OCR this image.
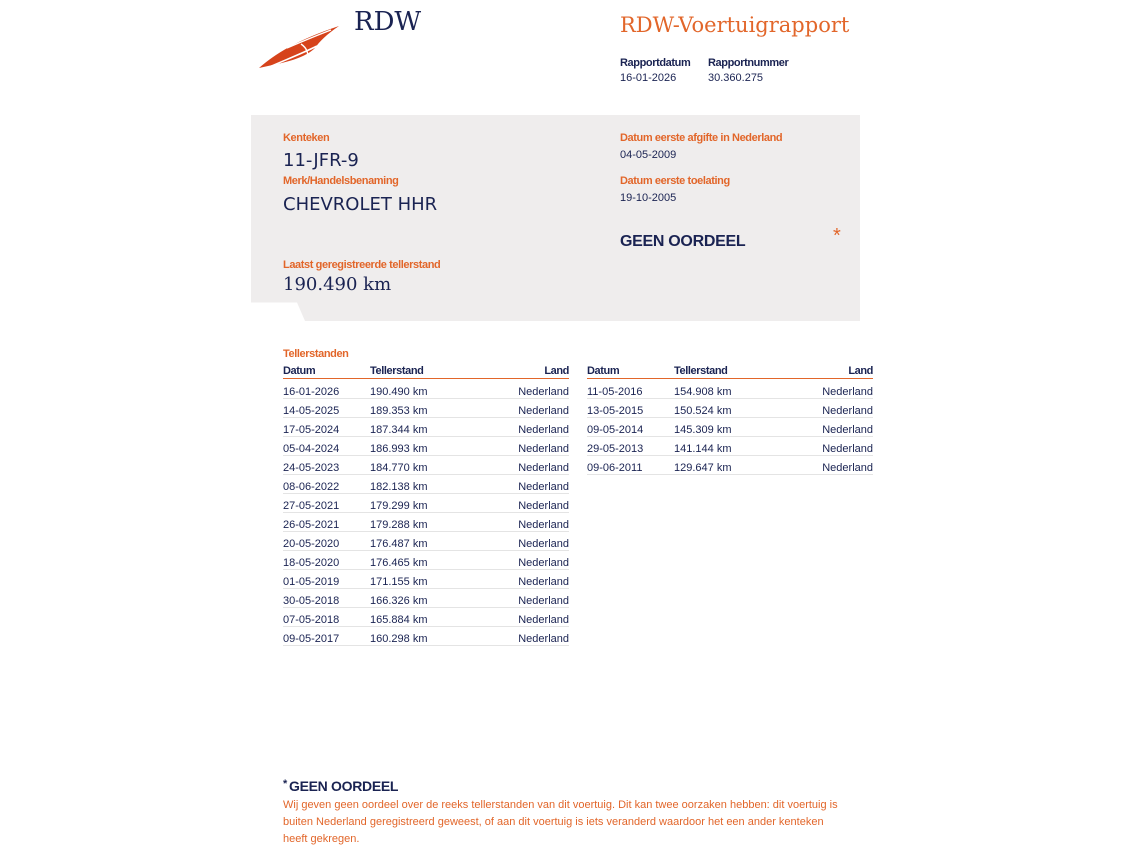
RDW	RDW-Voertuigrapport
Rapportdatum Rapportnummer
16-01-2026	30.360.275
Kenteken
11-JFR-9
Merk/Handelsbenaming
CHEVROLET HHR
Laatst geregistreerde tellerstand
190.490 km
Datum eerste afgifte in Nederland
04-05-2009
Datum eerste toelating
19-10-2005
GEEN OORDEEL	*
Tellerstanden
Datum	Tellerstand	Land
16-01-2026	190.490 km	Nederland
14-05-2025	189.353 km	Nederland
17-05-2024	187.344 km	Nederland
05-04-2024	186.993 km	Nederland
24-05-2023	184.770 km	Nederland
08-06-2022	182.138 km	Nederland
27-05-2021	179.299 km	Nederland
26-05-2021	179.288 km	Nederland
20-05-2020	176.487 km	Nederland
18-05-2020	176.465 km	Nederland
01-05-2019	171.155 km	Nederland
30-05-2018	166.326 km	Nederland
07-05-2018	165.884 km	Nederland
09-05-2017	160.298 km	Nederland
Datum	Tellerstand	Land
11-05-2016	154.908 km	Nederland
13-05-2015	150.524 km	Nederland
09-05-2014	145.309 km	Nederland
29-05-2013	141.144 km	Nederland
09-06-2011	129.647 km	Nederland
* GEEN OORDEEL
Wij geven geen oordeel over de reeks tellerstanden van dit voertuig. Dit kan twee oorzaken hebben: dit voertuig is buiten Nederland geregistreerd geweest, of aan dit voertuig is iets veranderd waardoor het een ander kenteken heeft gekregen.
